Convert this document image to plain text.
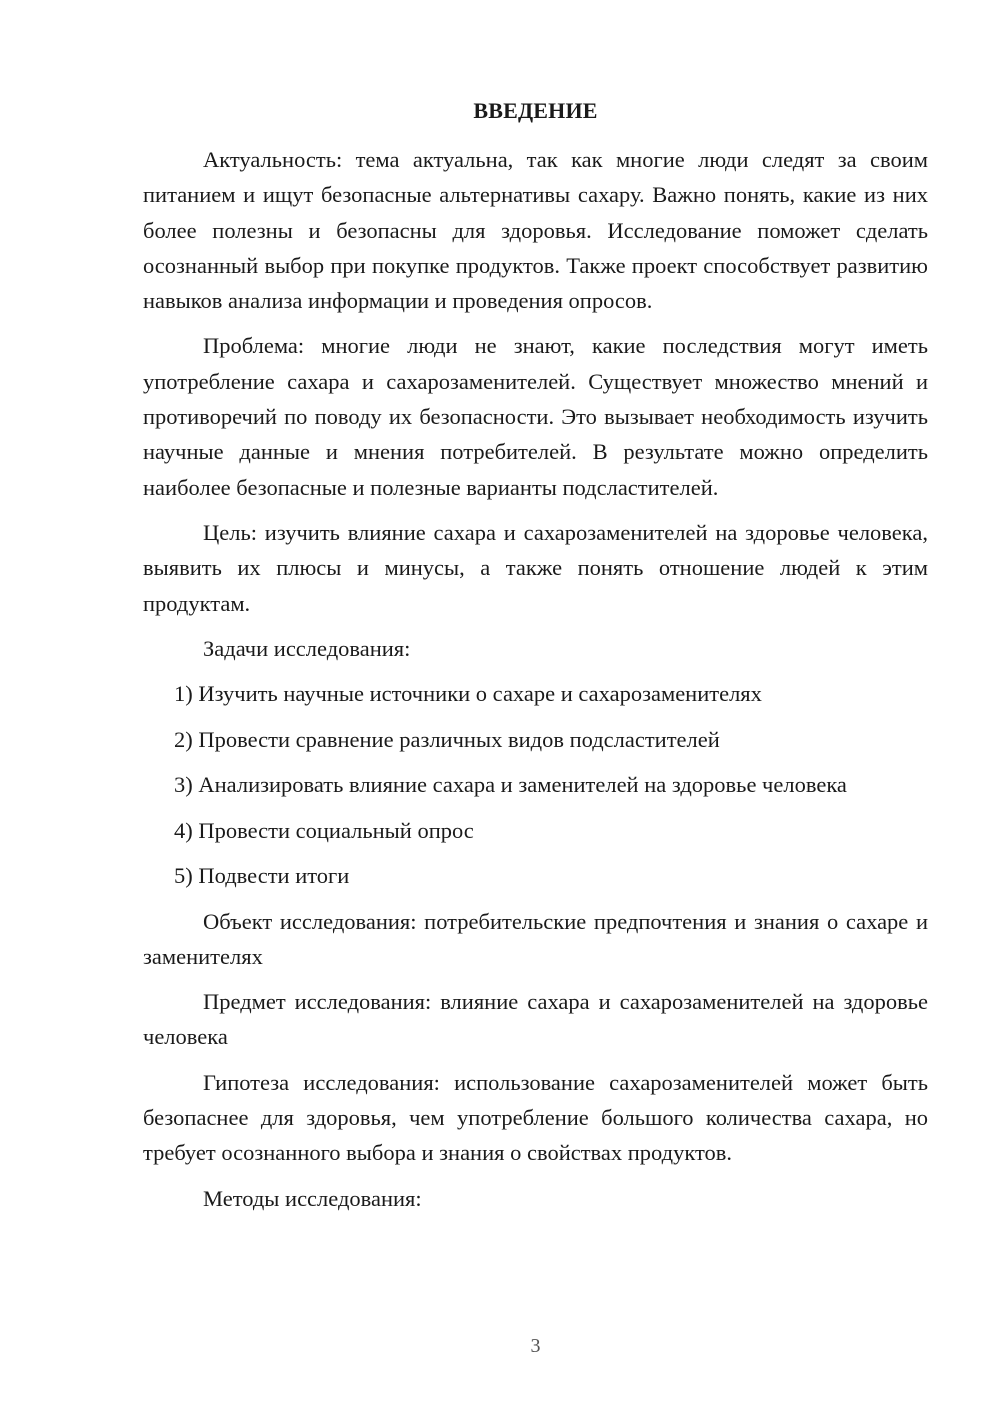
ВВЕДЕНИЕ

Актуальность: тема актуальна, так как многие люди следят за своим питанием и ищут безопасные альтернативы сахару. Важно понять, какие из них более полезны и безопасны для здоровья. Исследование поможет сделать осознанный выбор при покупке продуктов. Также проект способствует развитию навыков анализа информации и проведения опросов.

Проблема: многие люди не знают, какие последствия могут иметь употребление сахара и сахарозаменителей. Существует множество мнений и противоречий по поводу их безопасности. Это вызывает необходимость изучить научные данные и мнения потребителей. В результате можно определить наиболее безопасные и полезные варианты подсластителей.

Цель: изучить влияние сахара и сахарозаменителей на здоровье человека, выявить их плюсы и минусы, а также понять отношение людей к этим продуктам.

Задачи исследования:

1) Изучить научные источники о сахаре и сахарозаменителях

2) Провести сравнение различных видов подсластителей

3) Анализировать влияние сахара и заменителей на здоровье человека

4) Провести социальный опрос

5) Подвести итоги

Объект исследования: потребительские предпочтения и знания о сахаре и заменителях

Предмет исследования: влияние сахара и сахарозаменителей на здоровье человека

Гипотеза исследования: использование сахарозаменителей может быть безопаснее для здоровья, чем употребление большого количества сахара, но требует осознанного выбора и знания о свойствах продуктов.

Методы исследования:

3
